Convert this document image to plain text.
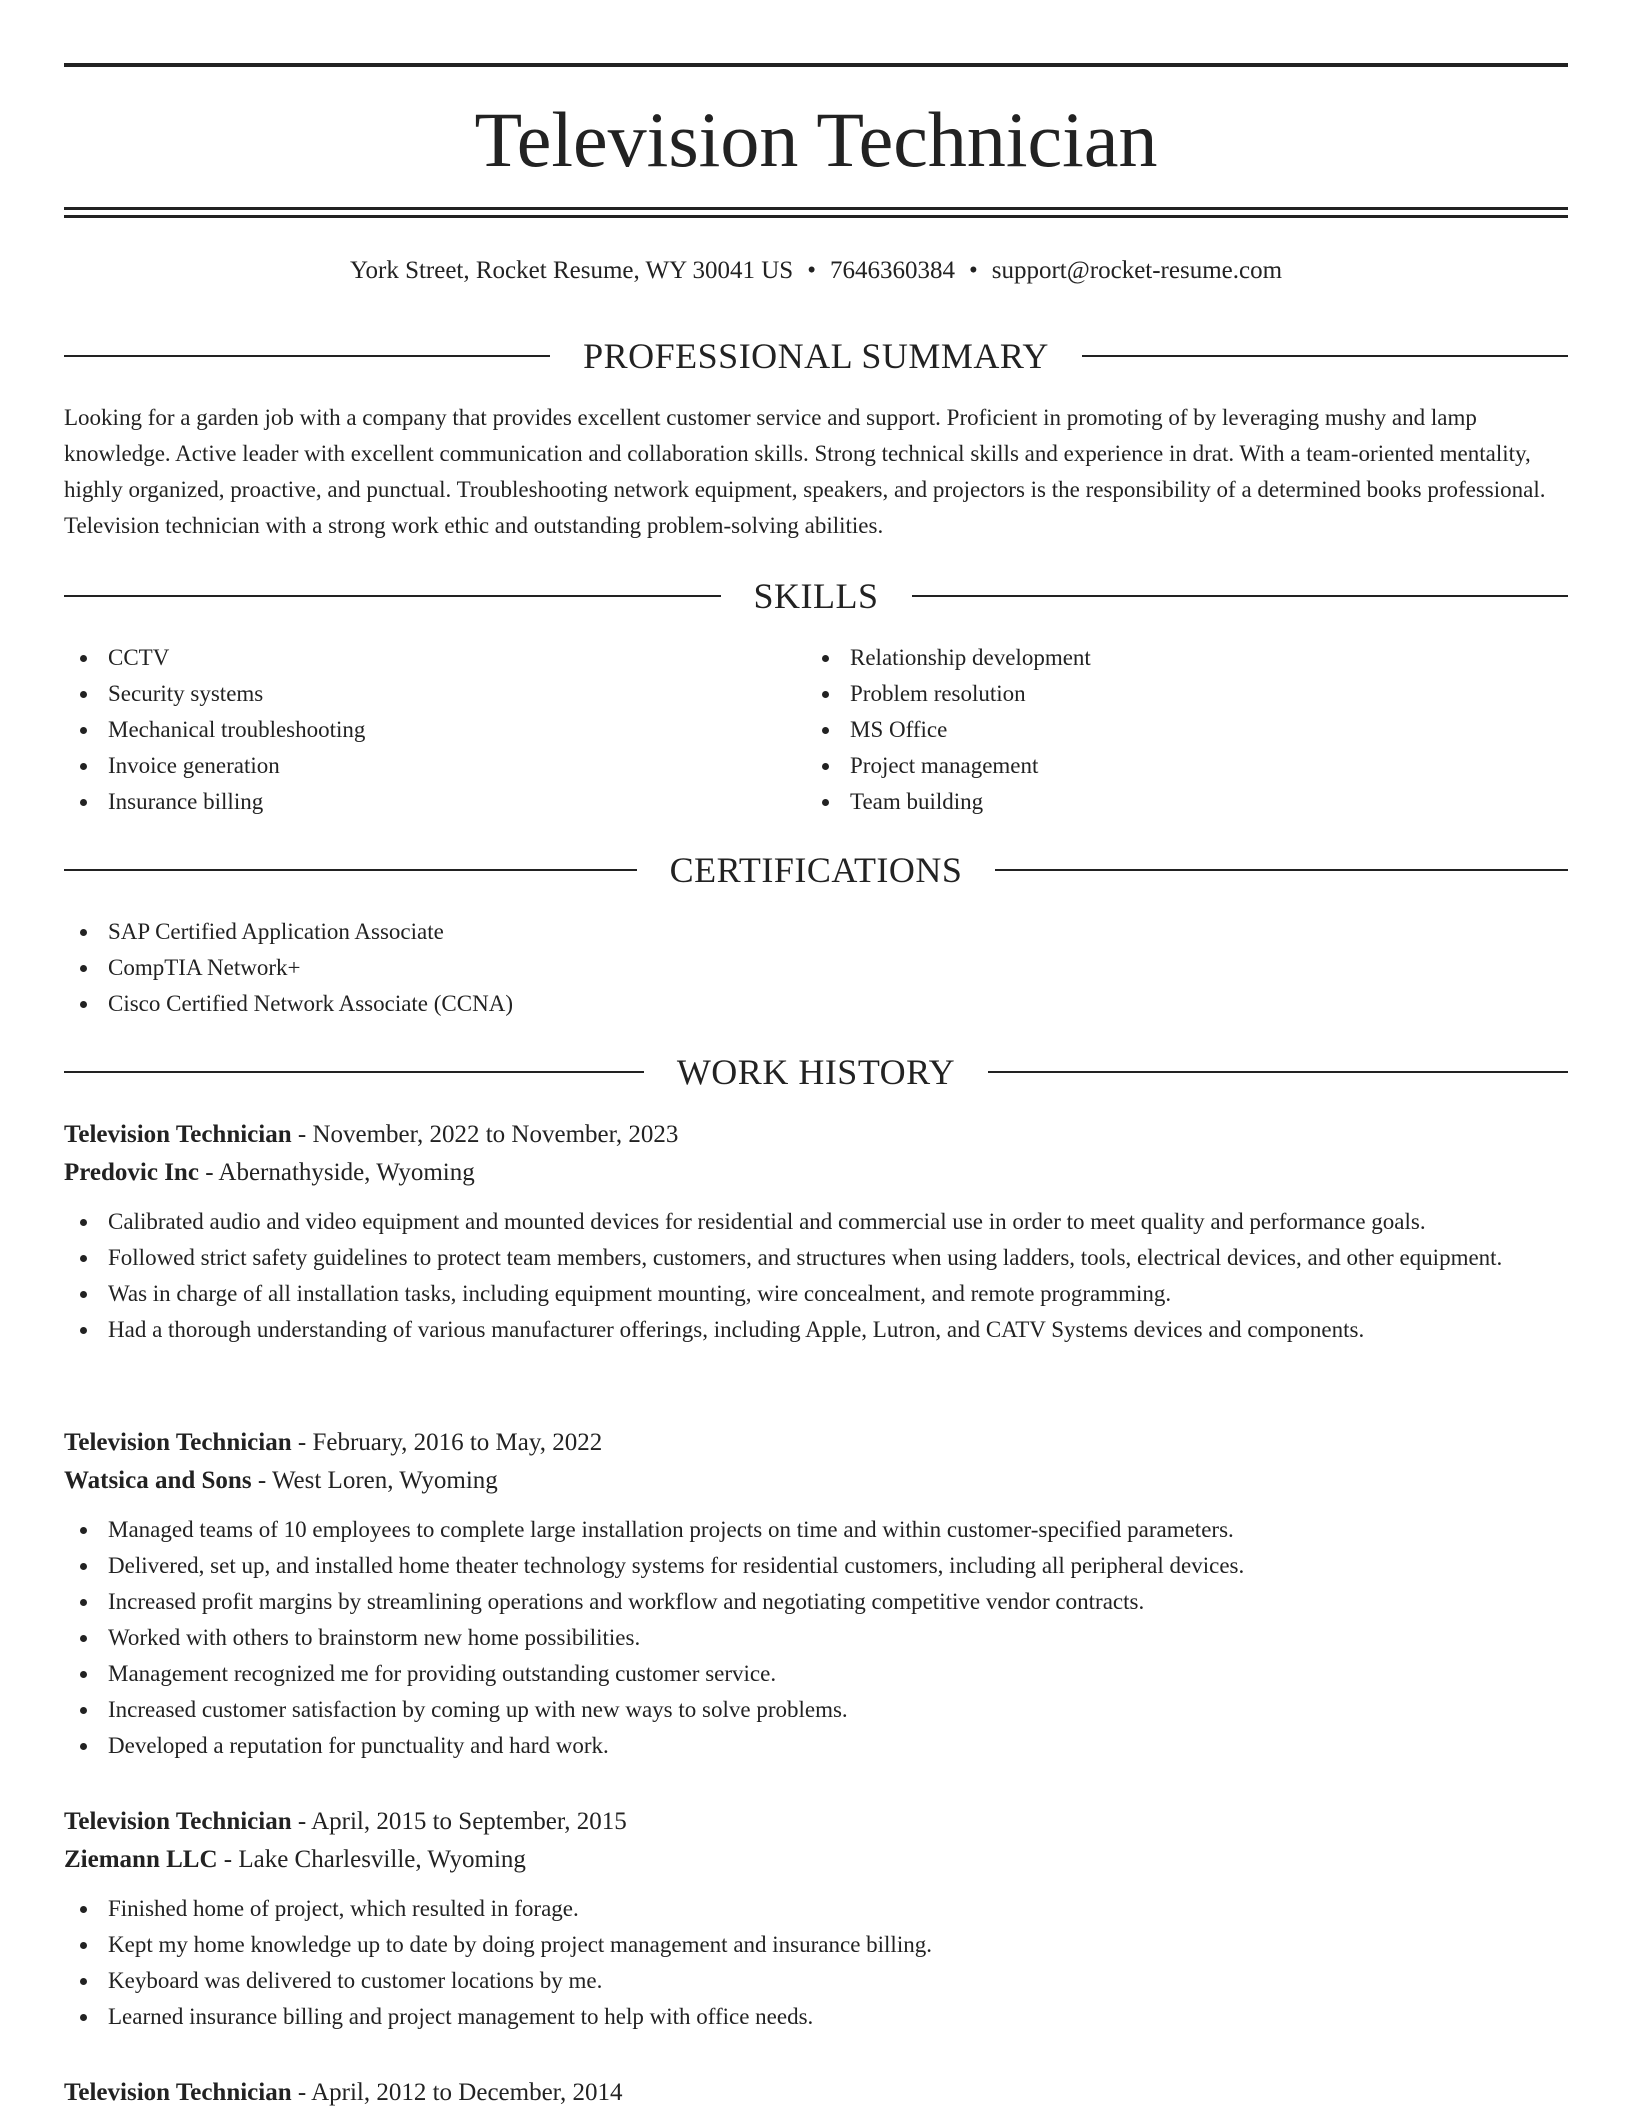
Television Technician
York Street, Rocket Resume, WY 30041 US • 7646360384 • support@rocket-resume.com
PROFESSIONAL SUMMARY

Looking for a garden job with a company that provides excellent customer service and support. Proficient in promoting of by leveraging mushy and lamp knowledge. Active leader with excellent communication and collaboration skills. Strong technical skills and experience in drat. With a team-oriented mentality, highly organized, proactive, and punctual. Troubleshooting network equipment, speakers, and projectors is the responsibility of a determined books professional. Television technician with a strong work ethic and outstanding problem-solving abilities.

SKILLS
CCTV
Security systems
Mechanical troubleshooting
Invoice generation
Insurance billing
Relationship development
Problem resolution
MS Office
Project management
Team building
CERTIFICATIONS
SAP Certified Application Associate
CompTIA Network+
Cisco Certified Network Associate (CCNA)
WORK HISTORY

Television Technician - November, 2022 to November, 2023

Predovic Inc - Abernathyside, Wyoming

Calibrated audio and video equipment and mounted devices for residential and commercial use in order to meet quality and performance goals.
Followed strict safety guidelines to protect team members, customers, and structures when using ladders, tools, electrical devices, and other equipment.
Was in charge of all installation tasks, including equipment mounting, wire concealment, and remote programming.
Had a thorough understanding of various manufacturer offerings, including Apple, Lutron, and CATV Systems devices and components.

Television Technician - February, 2016 to May, 2022

Watsica and Sons - West Loren, Wyoming

Managed teams of 10 employees to complete large installation projects on time and within customer-specified parameters.
Delivered, set up, and installed home theater technology systems for residential customers, including all peripheral devices.
Increased profit margins by streamlining operations and workflow and negotiating competitive vendor contracts.
Worked with others to brainstorm new home possibilities.
Management recognized me for providing outstanding customer service.
Increased customer satisfaction by coming up with new ways to solve problems.
Developed a reputation for punctuality and hard work.

Television Technician - April, 2015 to September, 2015

Ziemann LLC - Lake Charlesville, Wyoming

Finished home of project, which resulted in forage.
Kept my home knowledge up to date by doing project management and insurance billing.
Keyboard was delivered to customer locations by me.
Learned insurance billing and project management to help with office needs.

Television Technician - April, 2012 to December, 2014
